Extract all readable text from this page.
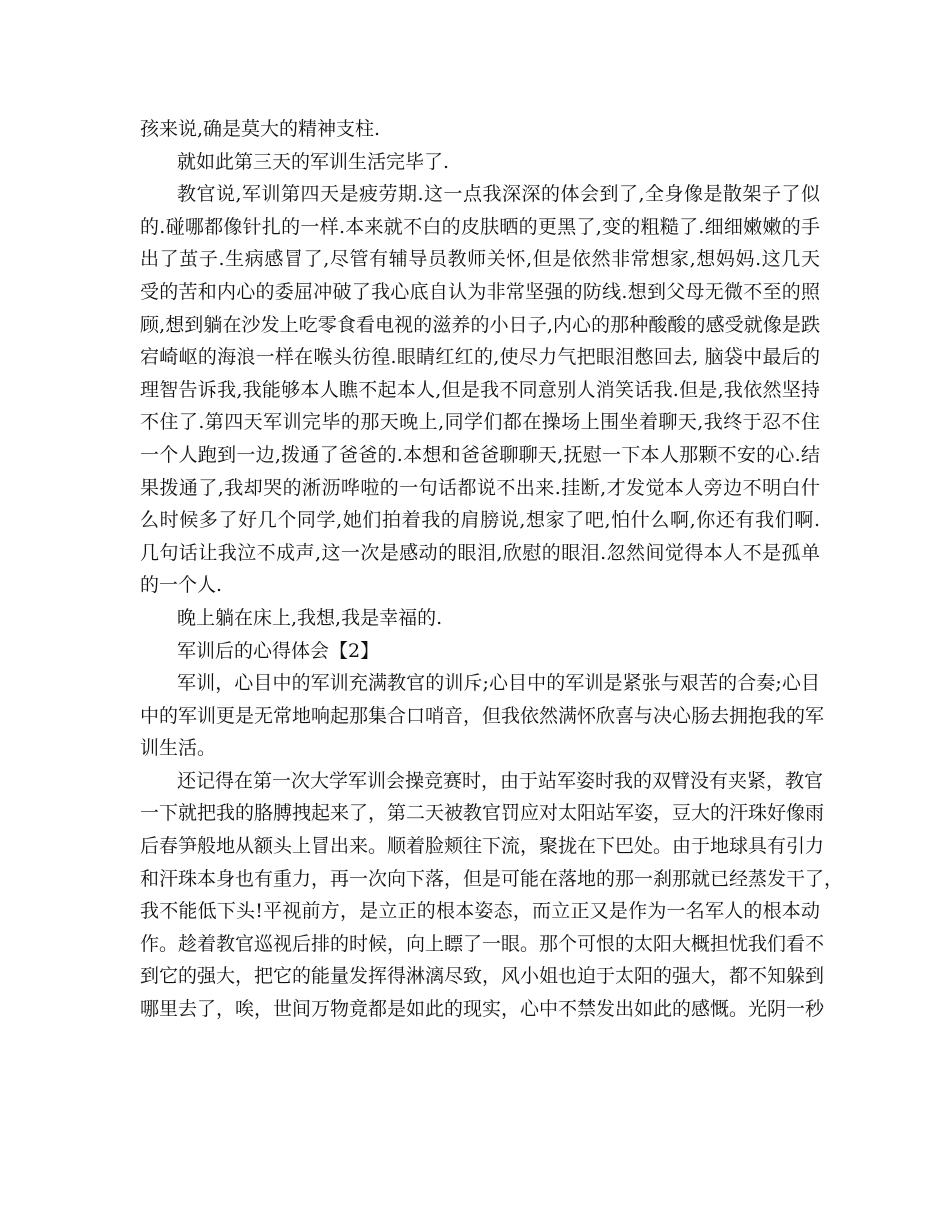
孩来说,确是莫大的精神支柱.
就如此第三天的军训生活完毕了.
教官说,军训第四天是疲劳期.这一点我深深的体会到了,全身像是散架子了似
的.碰哪都像针扎的一样.本来就不白的皮肤晒的更黑了,变的粗糙了.细细嫩嫩的手
出了茧子.生病感冒了,尽管有辅导员教师关怀,但是依然非常想家,想妈妈.这几天
受的苦和内心的委屈冲破了我心底自认为非常坚强的防线.想到父母无微不至的照
顾,想到躺在沙发上吃零食看电视的滋养的小日子,内心的那种酸酸的感受就像是跌
宕崎岖的海浪一样在喉头彷徨.眼睛红红的,使尽力气把眼泪憋回去, 脑袋中最后的
理智告诉我,我能够本人瞧不起本人,但是我不同意别人消笑话我.但是,我依然坚持
不住了.第四天军训完毕的那天晚上,同学们都在操场上围坐着聊天,我终于忍不住
一个人跑到一边,拨通了爸爸的.本想和爸爸聊聊天,抚慰一下本人那颗不安的心.结
果拨通了,我却哭的淅沥哗啦的一句话都说不出来.挂断,才发觉本人旁边不明白什
么时候多了好几个同学,她们拍着我的肩膀说,想家了吧,怕什么啊,你还有我们啊.
几句话让我泣不成声,这一次是感动的眼泪,欣慰的眼泪.忽然间觉得本人不是孤单
的一个人.
晚上躺在床上,我想,我是幸福的.
军训后的心得体会【2】
军训，心目中的军训充满教官的训斥;心目中的军训是紧张与艰苦的合奏;心目
中的军训更是无常地响起那集合口哨音，但我依然满怀欣喜与决心肠去拥抱我的军
训生活。
还记得在第一次大学军训会操竞赛时，由于站军姿时我的双臂没有夹紧，教官
一下就把我的胳膊拽起来了，第二天被教官罚应对太阳站军姿，豆大的汗珠好像雨
后春笋般地从额头上冒出来。顺着脸颊往下流，聚拢在下巴处。由于地球具有引力
和汗珠本身也有重力，再一次向下落，但是可能在落地的那一刹那就已经蒸发干了，
我不能低下头!平视前方，是立正的根本姿态，而立正又是作为一名军人的根本动
作。趁着教官巡视后排的时候，向上瞟了一眼。那个可恨的太阳大概担忧我们看不
到它的强大，把它的能量发挥得淋漓尽致，风小姐也迫于太阳的强大，都不知躲到
哪里去了，唉，世间万物竟都是如此的现实，心中不禁发出如此的感慨。光阴一秒
